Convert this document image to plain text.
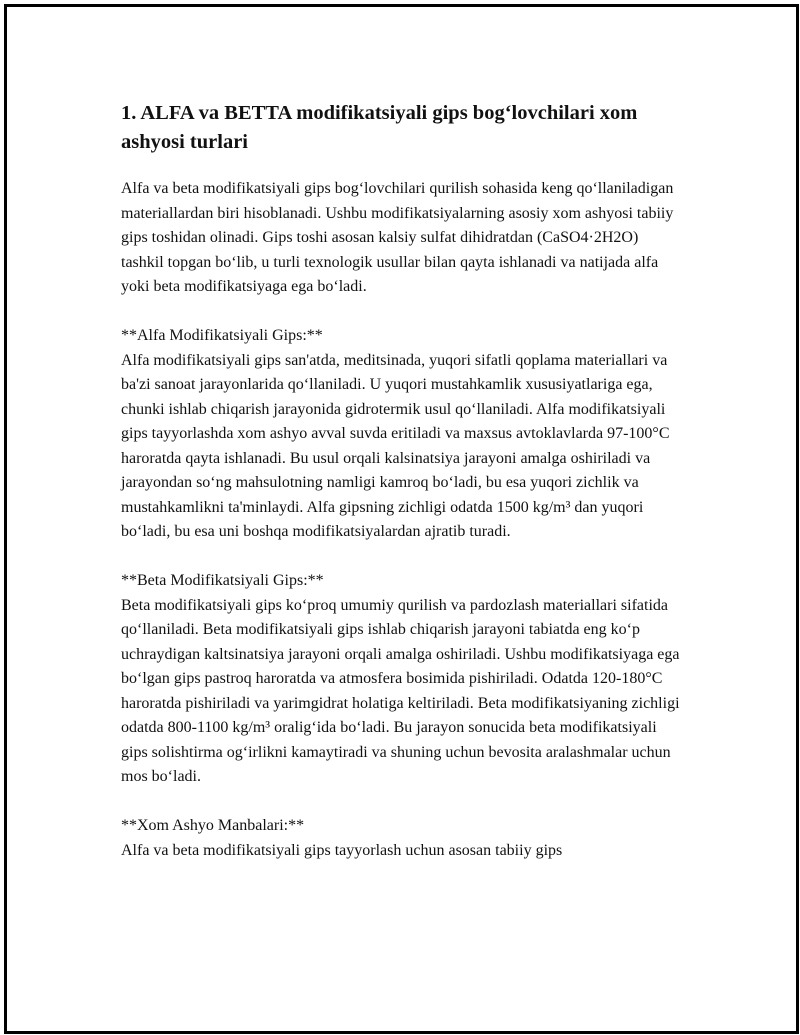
1. ALFA va BETTA modifikatsiyali gips bog‘lovchilari xom ashyosi turlari

Alfa va beta modifikatsiyali gips bog‘lovchilari qurilish sohasida keng qo‘llaniladigan materiallardan biri hisoblanadi. Ushbu modifikatsiyalarning asosiy xom ashyosi tabiiy gips toshidan olinadi. Gips toshi asosan kalsiy sulfat dihidratdan (CaSO4·2H2O) tashkil topgan bo‘lib, u turli texnologik usullar bilan qayta ishlanadi va natijada alfa yoki beta modifikatsiyaga ega bo‘ladi.

**Alfa Modifikatsiyali Gips:**

Alfa modifikatsiyali gips san'atda, meditsinada, yuqori sifatli qoplama materiallari va ba'zi sanoat jarayonlarida qo‘llaniladi. U yuqori mustahkamlik xususiyatlariga ega, chunki ishlab chiqarish jarayonida gidrotermik usul qo‘llaniladi. Alfa modifikatsiyali gips tayyorlashda xom ashyo avval suvda eritiladi va maxsus avtoklavlarda 97-100°C haroratda qayta ishlanadi. Bu usul orqali kalsinatsiya jarayoni amalga oshiriladi va jarayondan so‘ng mahsulotning namligi kamroq bo‘ladi, bu esa yuqori zichlik va mustahkamlikni ta'minlaydi. Alfa gipsning zichligi odatda 1500 kg/m³ dan yuqori bo‘ladi, bu esa uni boshqa modifikatsiyalardan ajratib turadi.

**Beta Modifikatsiyali Gips:**

Beta modifikatsiyali gips ko‘proq umumiy qurilish va pardozlash materiallari sifatida qo‘llaniladi. Beta modifikatsiyali gips ishlab chiqarish jarayoni tabiatda eng ko‘p uchraydigan kaltsinatsiya jarayoni orqali amalga oshiriladi. Ushbu modifikatsiyaga ega bo‘lgan gips pastroq haroratda va atmosfera bosimida pishiriladi. Odatda 120-180°C haroratda pishiriladi va yarimgidrat holatiga keltiriladi. Beta modifikatsiyaning zichligi odatda 800-1100 kg/m³ oralig‘ida bo‘ladi. Bu jarayon sonucida beta modifikatsiyali gips solishtirma og‘irlikni kamaytiradi va shuning uchun bevosita aralashmalar uchun mos bo‘ladi.

**Xom Ashyo Manbalari:**

Alfa va beta modifikatsiyali gips tayyorlash uchun asosan tabiiy gips
